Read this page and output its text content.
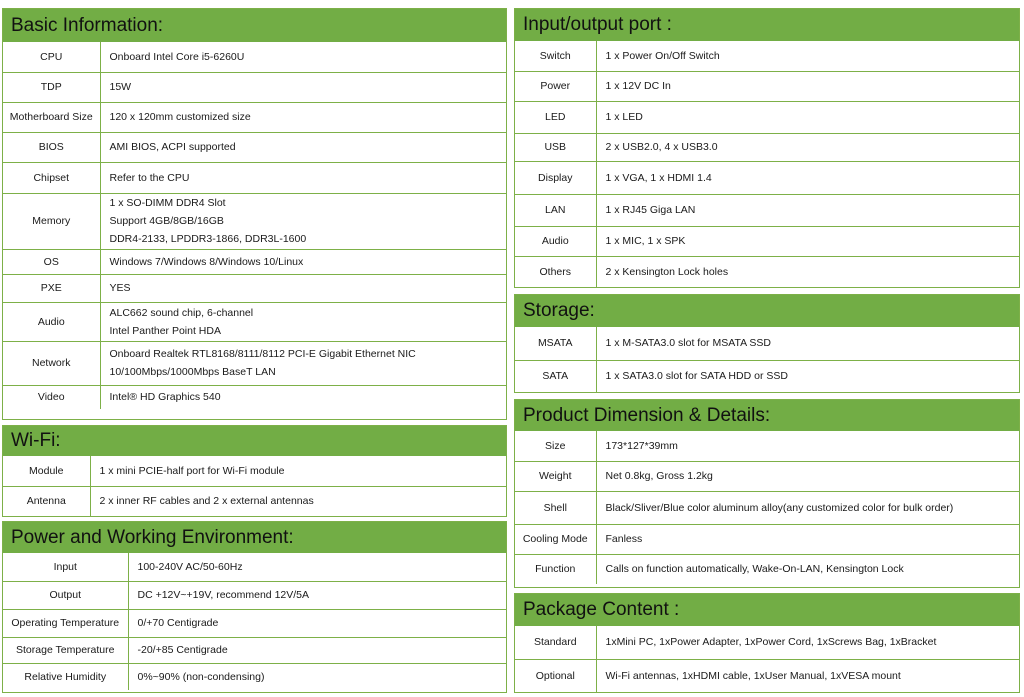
Basic Information:
CPU	Onboard Intel Core i5-6260U

TDP	15W

Motherboard Size	120 x 120mm customized size

BIOS	AMI BIOS, ACPI supported

Chipset	Refer to the CPU

Memory	1 x SO-DIMM DDR4 Slot
Support 4GB/8GB/16GB
DDR4-2133, LPDDR3-1866, DDR3L-1600

OS	Windows 7/Windows 8/Windows 10/Linux

PXE	YES

Audio	ALC662 sound chip, 6-channel
Intel Panther Point HDA

Network	Onboard Realtek RTL8168/8111/8112 PCI-E Gigabit Ethernet NIC
10/100Mbps/1000Mbps BaseT LAN

Video	Intel® HD Graphics 540
Wi-Fi:
Module	1 x mini PCIE-half port for Wi-Fi module

Antenna	2 x inner RF cables and 2 x external antennas
Power and Working Environment:
Input	100-240V AC/50-60Hz

Output	DC +12V~+19V, recommend 12V/5A

Operating Temperature	0/+70 Centigrade

Storage Temperature	-20/+85 Centigrade

Relative Humidity	0%~90% (non-condensing)
Input/output port :
Switch	1 x Power On/Off Switch

Power	1 x 12V DC In

LED	1 x LED

USB	2 x USB2.0, 4 x USB3.0

Display	1 x VGA, 1 x HDMI 1.4

LAN	1 x RJ45 Giga LAN

Audio	1 x MIC, 1 x SPK

Others	2 x Kensington Lock holes
Storage:
MSATA	1 x M-SATA3.0 slot for MSATA SSD

SATA	1 x SATA3.0 slot for SATA HDD or SSD
Product Dimension & Details:
Size	173*127*39mm

Weight	Net 0.8kg, Gross 1.2kg

Shell	Black/Sliver/Blue color aluminum alloy(any customized color for bulk order)

Cooling Mode	Fanless

Function	Calls on function automatically, Wake-On-LAN, Kensington Lock
Package Content :
Standard	1xMini PC, 1xPower Adapter, 1xPower Cord, 1xScrews Bag, 1xBracket

Optional	Wi-Fi antennas, 1xHDMI cable, 1xUser Manual, 1xVESA mount
